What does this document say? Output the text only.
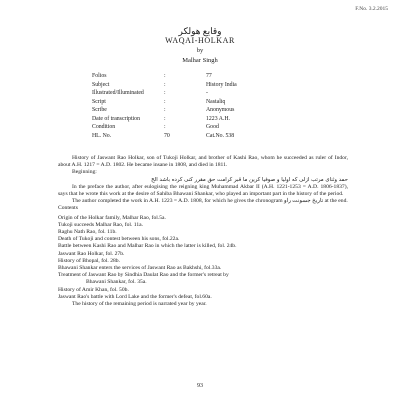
F.No. 3.2.2015
وقایع هولکر
WAQAI-HOLKAR
by
Malhar Singh
Folios	:	77
Subject	:	History India
Illustrated/Illuminated	:	-
Script	:	Nastaliq
Scribe	:	Anonymous
Date of transcription	:	1223 A.H.
Condition	:	Good
HL. No.	70	Cat.No. 538

History of Jaswant Rao Holkar, son of Tukoji Holkar, and brother of Kashi Rao, whom he succeeded as ruler of Indor, about A.H. 1217 = A.D. 1802. He became insane in 1808, and died in 1811.

Beginning:

حمد وثنای مرتب ازلی که اولیا و صوفیا کرین ما قبر کرامت حق مقرر کنی کرده باشد الخ

In the preface the author, after eulogising the reigning king Muhammad Akbar II (A.H. 1221-1253 = A.D. 1806-1837), says that he wrote this work at the desire of Sahiba Bhawani Shankar, who played an important part in the history of the period.

The author completed the work in A.H. 1223 = A.D. 1808, for which he gives the chronogram تاریخ جسونت راو at the end.

Contents

Origin of the Holkar family, Malhar Rao, fol.5a.
Tukoji succeeds Malhar Rao, fol. 11a.
Raghu Nath Rao, fol. 11b.
Death of Tukoji and contest between his sons, fol.22a.
Battle between Kashi Rao and Malhar Rao in which the latter is killed, fol. 24b.
Jaswant Rao Holkar, fol. 27b.
History of Bhopal, fol. 28b.
Bhawani Shankar enters the services of Jaswant Rao as Bakhshi, fol.33a.
Treatment of Jaswant Rao by Sindhia Daulat Rao and the former's retreat by
Bhawani Shankar, fol. 35a.
History of Amir Khan, fol. 50b.
Jaswant Rao's battle with Lord Lake and the former's defeat, fol.60a.

The history of the remaining period is narrated year by year.

93
